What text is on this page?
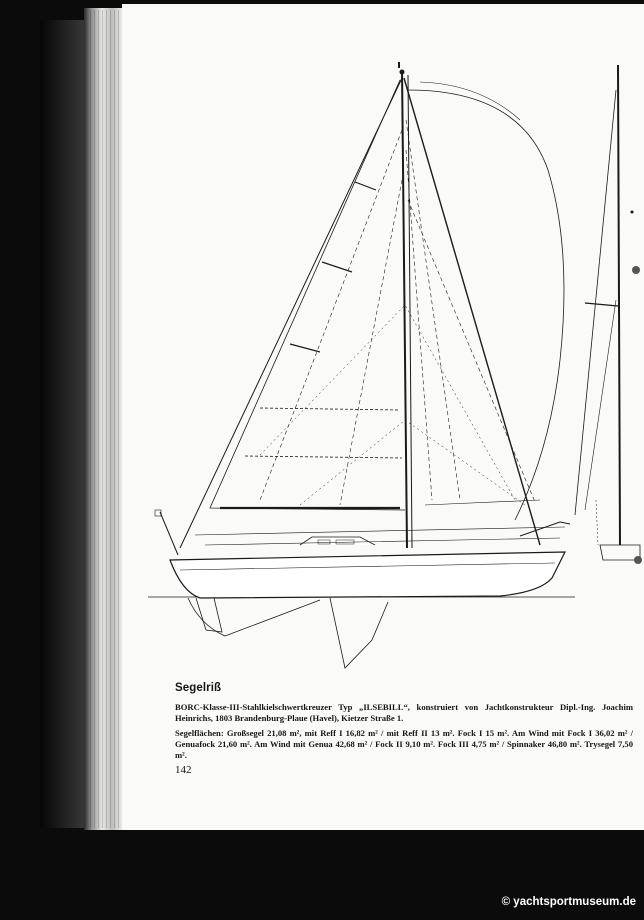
Segelriß

BORC-Klasse-III-Stahlkielschwertkreuzer Typ „ILSEBILL“, konstruiert von Jachtkonstrukteur Dipl.-Ing. Joachim Heinrichs, 1803 Brandenburg-Plaue (Havel), Kietzer Straße 1.

Segelflächen: Großsegel 21,08 m², mit Reff I 16,82 m² / mit Reff II 13 m². Fock I 15 m². Am Wind mit Fock I 36,02 m² / Genuafock 21,60 m². Am Wind mit Genua 42,68 m² / Fock II 9,10 m². Fock III 4,75 m² / Spinnaker 46,80 m². Trysegel 7,50 m².

142
© yachtsportmuseum.de
